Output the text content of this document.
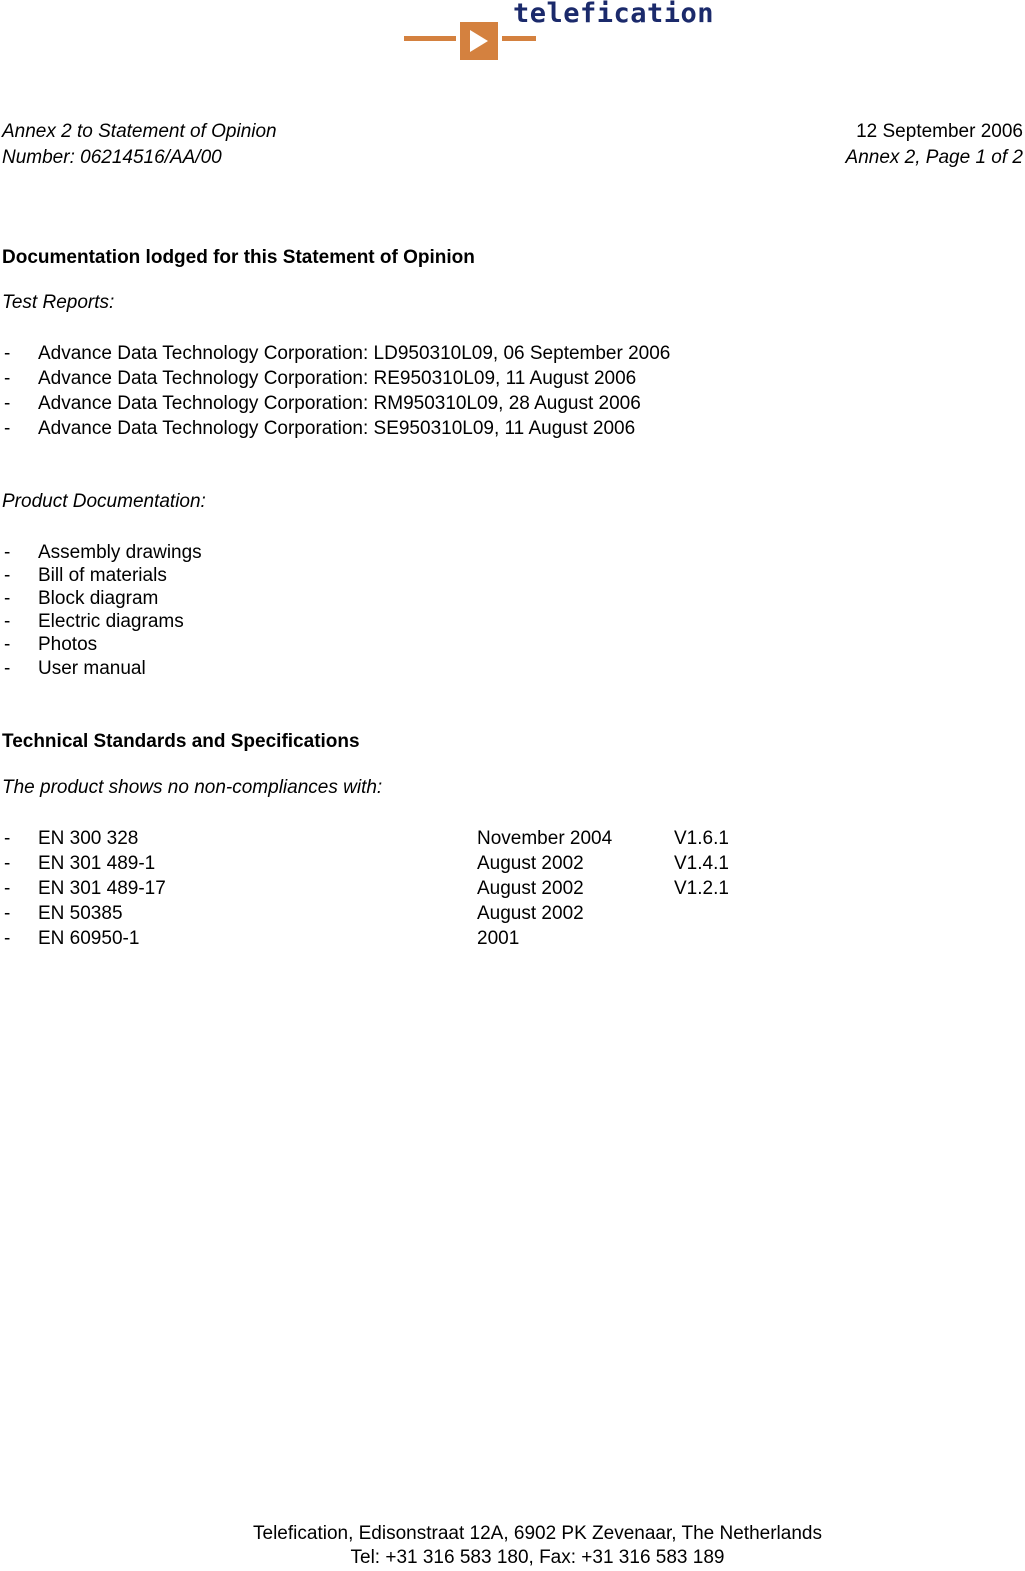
telefication
Annex 2 to Statement of Opinion
Number: 06214516/AA/00
12 September 2006
Annex 2, Page 1 of 2
Documentation lodged for this Statement of Opinion
Test Reports:
- Advance Data Technology Corporation: LD950310L09, 06 September 2006
- Advance Data Technology Corporation: RE950310L09, 11 August 2006
- Advance Data Technology Corporation: RM950310L09, 28 August 2006
- Advance Data Technology Corporation: SE950310L09, 11 August 2006
Product Documentation:
- Assembly drawings
- Bill of materials
- Block diagram
- Electric diagrams
- Photos
- User manual
Technical Standards and Specifications
The product shows no non-compliances with:
- EN 300 328	November 2004	V1.6.1
- EN 301 489-1	August 2002	V1.4.1
- EN 301 489-17	August 2002	V1.2.1
- EN 50385	August 2002
- EN 60950-1	2001
Telefication, Edisonstraat 12A, 6902 PK Zevenaar, The Netherlands
Tel: +31 316 583 180, Fax: +31 316 583 189
